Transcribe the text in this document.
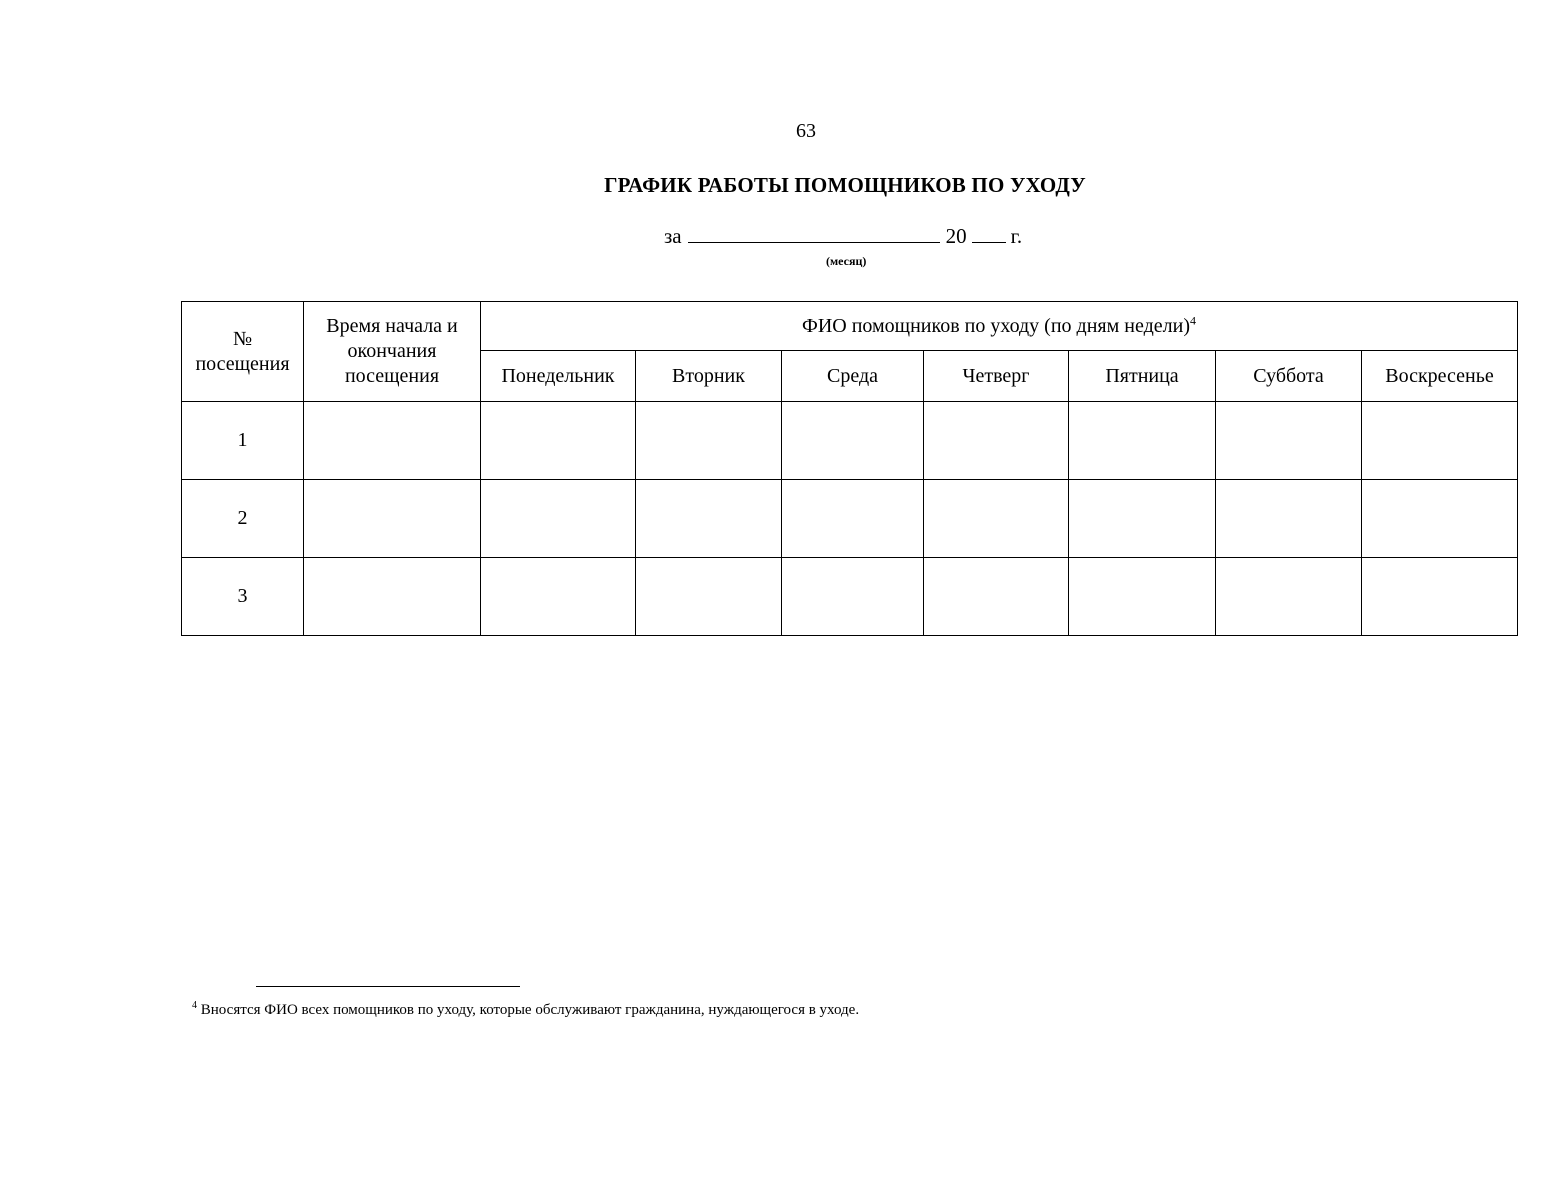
63
ГРАФИК РАБОТЫ ПОМОЩНИКОВ ПО УХОДУ
за	20 г.
(месяц)
№ посещения	Время начала и окончания посещения	ФИО помощников по уходу (по дням недели)$^4$
		Понедельник	Вторник	Среда	Четверг	Пятница	Суббота	Воскресенье
1								
2								
3								
$^4$ Вносятся ФИО всех помощников по уходу, которые обслуживают гражданина, нуждающегося в уходе.
